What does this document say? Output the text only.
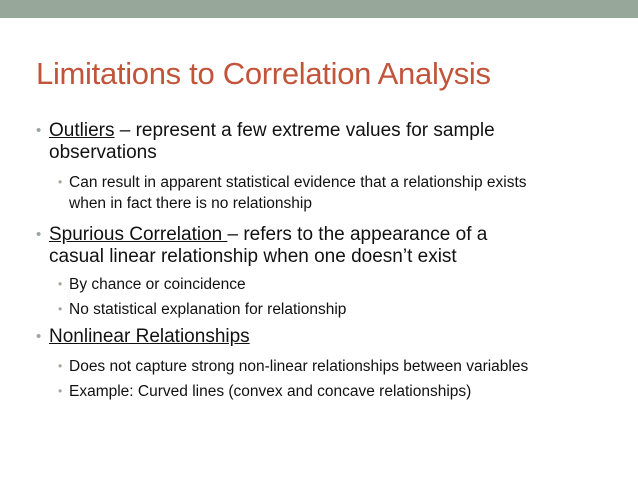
Limitations to Correlation Analysis
• Outliers – represent a few extreme values for sample
observations
• Can result in apparent statistical evidence that a relationship exists
when in fact there is no relationship
• Spurious Correlation – refers to the appearance of a
casual linear relationship when one doesn’t exist
• By chance or coincidence
• No statistical explanation for relationship
• Nonlinear Relationships
• Does not capture strong non-linear relationships between variables
• Example: Curved lines (convex and concave relationships)
